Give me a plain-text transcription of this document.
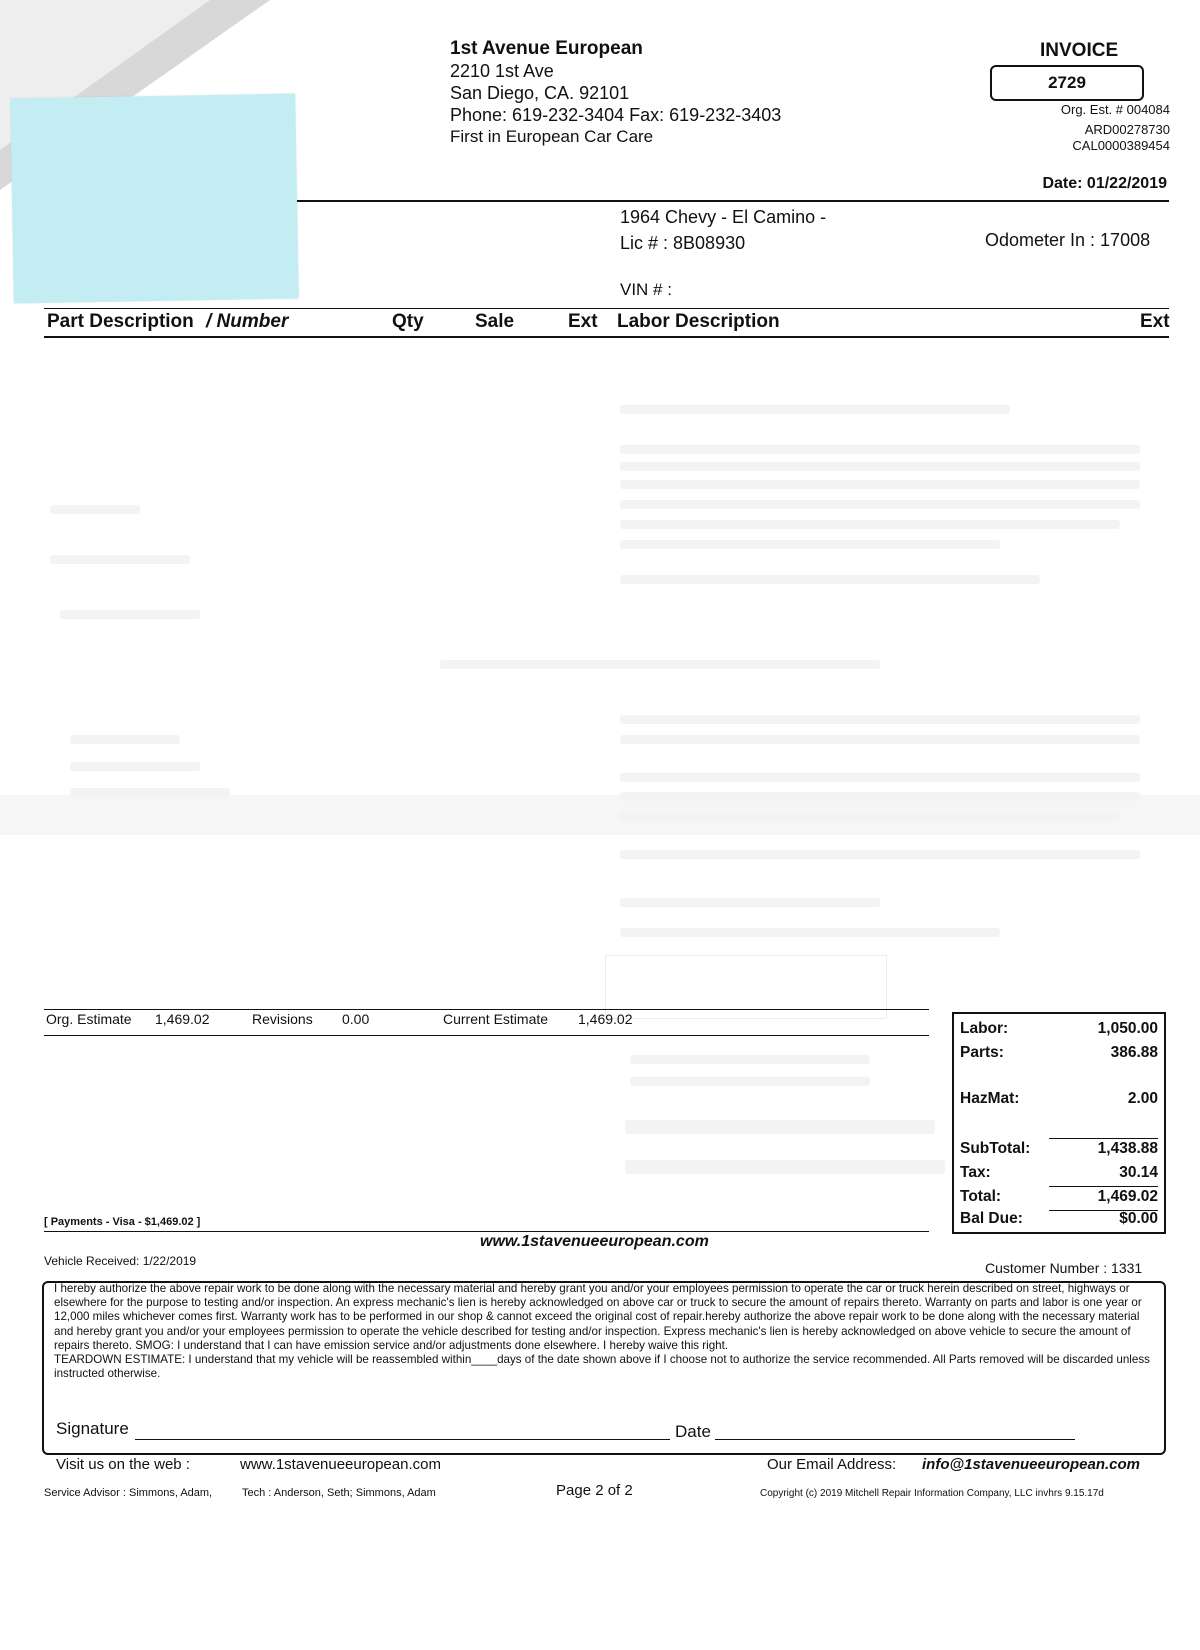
1st Avenue European
2210 1st Ave
San Diego, CA. 92101
Phone: 619-232-3404 Fax: 619-232-3403
First in European Car Care
INVOICE
2729
Org. Est. # 004084
ARD00278730
CAL0000389454
Date: 01/22/2019
1964 Chevy - El Camino -
Lic # : 8B08930	Odometer In : 17008
VIN # :
Part Description / Number	Qty	Sale	Ext Labor Description	Ext
Org. Estimate 1,469.02	Revisions 0.00	Current Estimate 1,469.02
Labor:	1,050.00
Parts:	386.88
HazMat:	2.00
SubTotal:	1,438.88
Tax:	30.14
Total:	1,469.02
Bal Due:	$0.00
[ Payments - Visa - $1,469.02 ]
www.1stavenueeuropean.com
Vehicle Received: 1/22/2019	Customer Number : 1331
I hereby authorize the above repair work to be done along with the necessary material and hereby grant you and/or your employees permission to operate the car or truck herein described on street, highways or elsewhere for the purpose to testing and/or inspection. An express mechanic's lien is hereby acknowledged on above car or truck to secure the amount of repairs thereto. Warranty on parts and labor is one year or 12,000 miles whichever comes first. Warranty work has to be performed in our shop & cannot exceed the original cost of repair.hereby authorize the above repair work to be done along with the necessary material and hereby grant you and/or your employees permission to operate the vehicle described for testing and/or inspection. Express mechanic's lien is hereby acknowledged on above vehicle to secure the amount of repairs thereto. SMOG: I understand that I can have emission service and/or adjustments done elsewhere. I hereby waive this right.
TEARDOWN ESTIMATE: I understand that my vehicle will be reassembled within____days of the date shown above if I choose not to authorize the service recommended. All Parts removed will be discarded unless instructed otherwise.
Signature	Date
Visit us on the web :	www.1stavenueeuropean.com	Our Email Address: info@1stavenueeuropean.com
Service Advisor : Simmons, Adam,	Tech : Anderson, Seth; Simmons, Adam	Page 2 of 2	Copyright (c) 2019 Mitchell Repair Information Company, LLC invhrs 9.15.17d
